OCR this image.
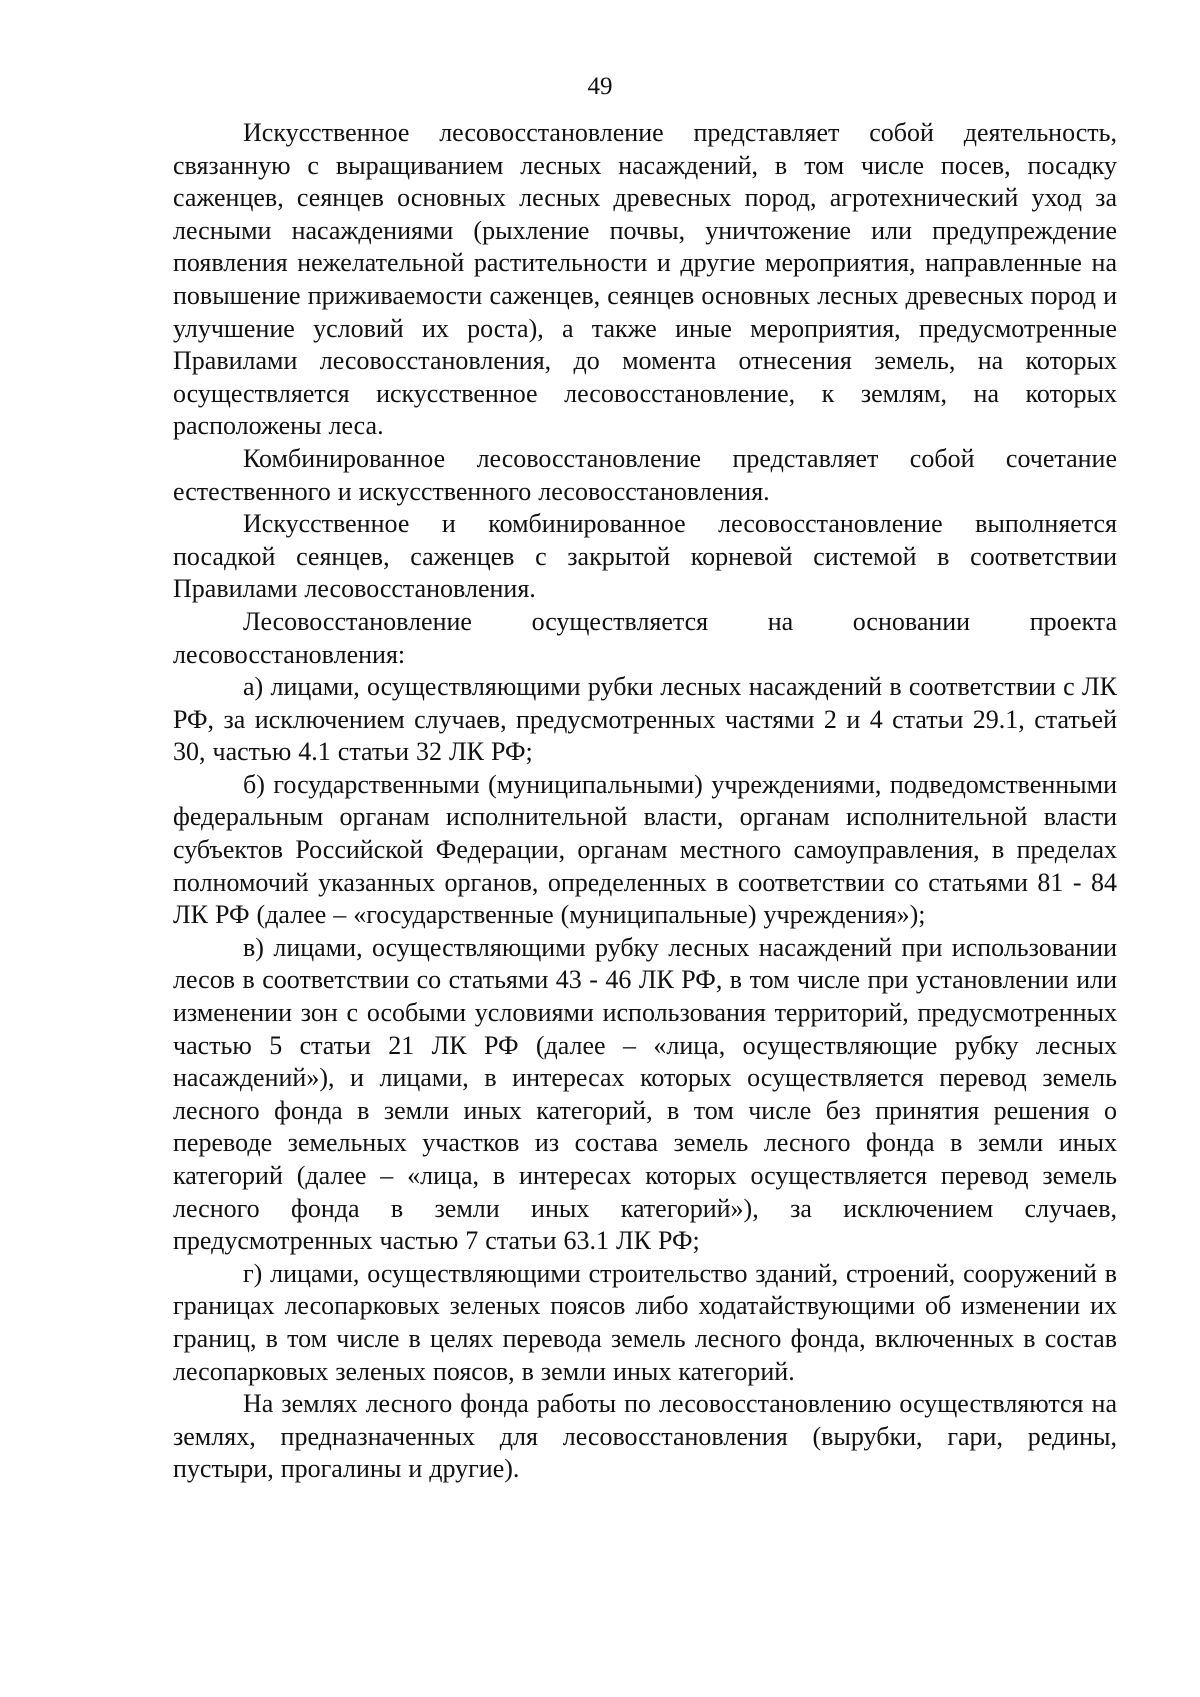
49

Искусственное лесовосстановление представляет собой деятельность, связанную с выращиванием лесных насаждений, в том числе посев, посадку саженцев, сеянцев основных лесных древесных пород, агротехнический уход за лесными насаждениями (рыхление почвы, уничтожение или предупреждение появления нежелательной растительности и другие мероприятия, направленные на повышение приживаемости саженцев, сеянцев основных лесных древесных пород и улучшение условий их роста), а также иные мероприятия, предусмотренные Правилами лесовосстановления, до момента отнесения земель, на которых осуществляется искусственное лесовосстановление, к землям, на которых расположены леса.

Комбинированное лесовосстановление представляет собой сочетание естественного и искусственного лесовосстановления.

Искусственное и комбинированное лесовосстановление выполняется посадкой сеянцев, саженцев с закрытой корневой системой в соответствии Правилами лесовосстановления.

Лесовосстановление осуществляется на основании проекта лесовосстановления:

а) лицами, осуществляющими рубки лесных насаждений в соответствии с ЛК РФ, за исключением случаев, предусмотренных частями 2 и 4 статьи 29.1, статьей 30, частью 4.1 статьи 32 ЛК РФ;

б) государственными (муниципальными) учреждениями, подведомственными федеральным органам исполнительной власти, органам исполнительной власти субъектов Российской Федерации, органам местного самоуправления, в пределах полномочий указанных органов, определенных в соответствии со статьями 81 - 84 ЛК РФ (далее – «государственные (муниципальные) учреждения»);

в) лицами, осуществляющими рубку лесных насаждений при использовании лесов в соответствии со статьями 43 - 46 ЛК РФ, в том числе при установлении или изменении зон с особыми условиями использования территорий, предусмотренных частью 5 статьи 21 ЛК РФ (далее – «лица, осуществляющие рубку лесных насаждений»), и лицами, в интересах которых осуществляется перевод земель лесного фонда в земли иных категорий, в том числе без принятия решения о переводе земельных участков из состава земель лесного фонда в земли иных категорий (далее – «лица, в интересах которых осуществляется перевод земель лесного фонда в земли иных категорий»), за исключением случаев, предусмотренных частью 7 статьи 63.1 ЛК РФ;

г) лицами, осуществляющими строительство зданий, строений, сооружений в границах лесопарковых зеленых поясов либо ходатайствующими об изменении их границ, в том числе в целях перевода земель лесного фонда, включенных в состав лесопарковых зеленых поясов, в земли иных категорий.

На землях лесного фонда работы по лесовосстановлению осуществляются на землях, предназначенных для лесовосстановления (вырубки, гари, редины, пустыри, прогалины и другие).
